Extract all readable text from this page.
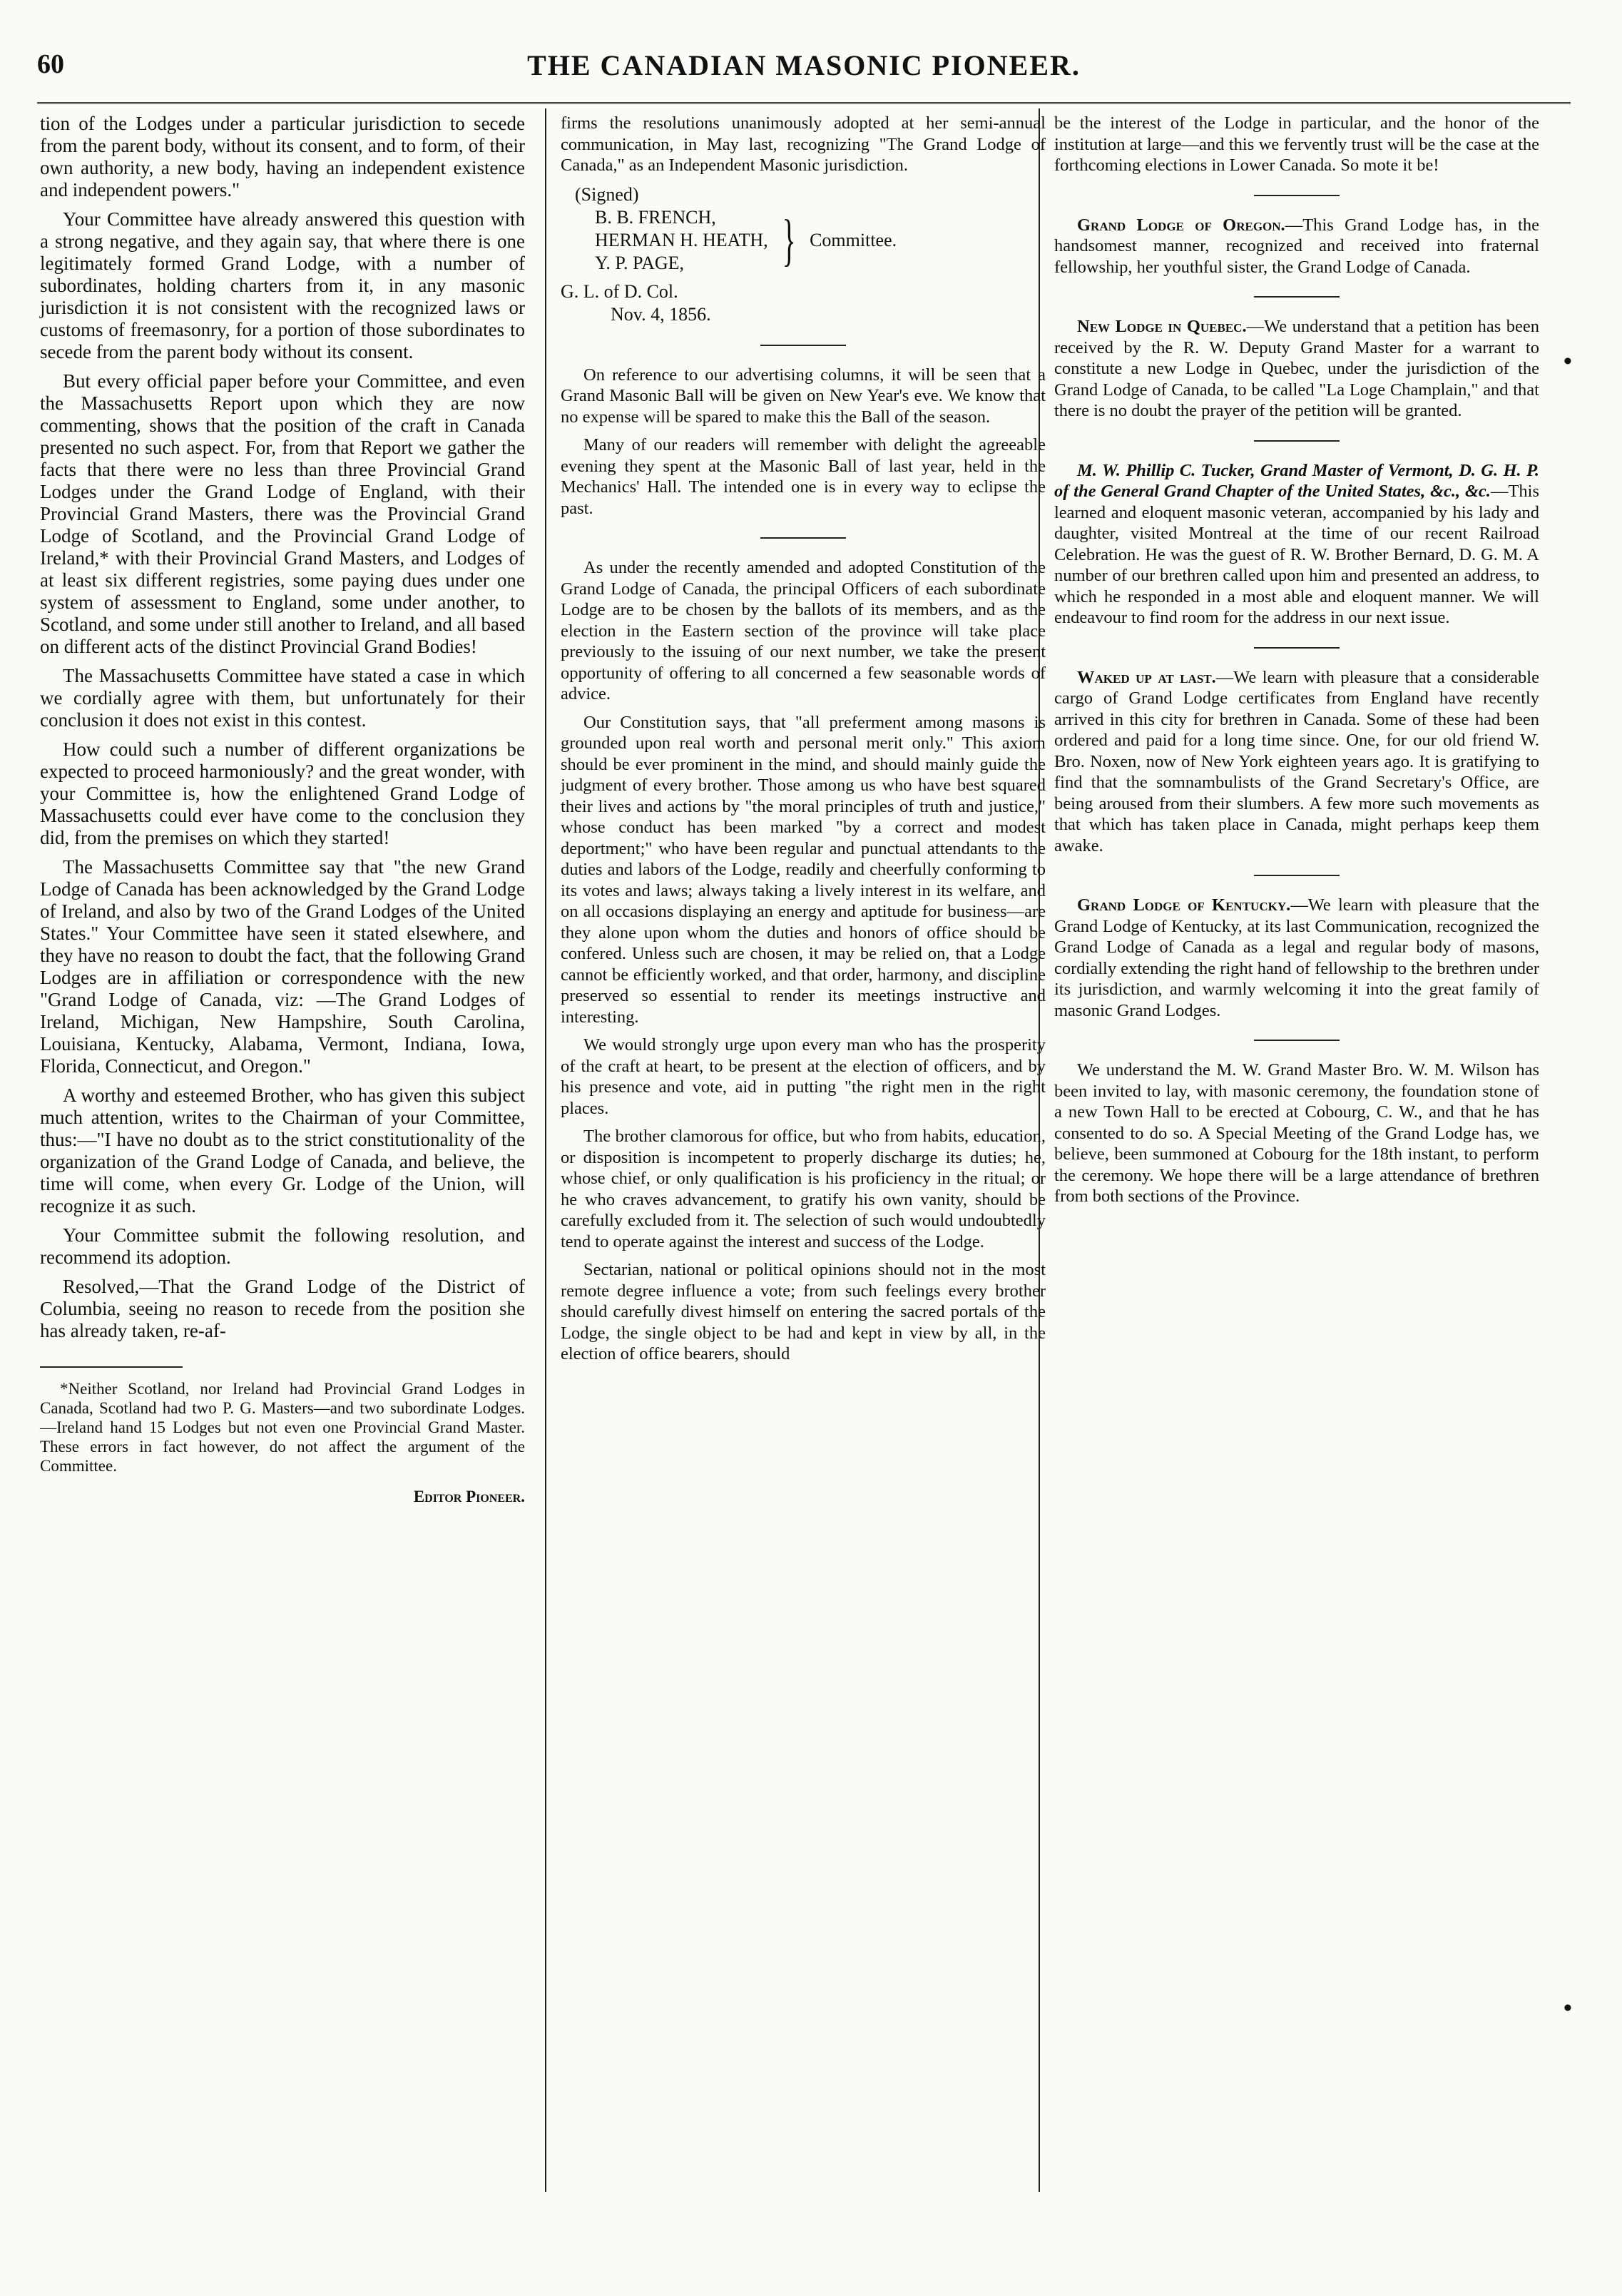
60	THE CANADIAN MASONIC PIONEER.

tion of the Lodges under a particular jurisdiction to secede from the parent body, without its consent, and to form, of their own authority, a new body, having an independent existence and independent powers."

Your Committee have already answered this question with a strong negative, and they again say, that where there is one legitimately formed Grand Lodge, with a number of subordinates, holding charters from it, in any masonic jurisdiction it is not consistent with the recognized laws or customs of freemasonry, for a portion of those subordinates to secede from the parent body without its consent.

But every official paper before your Committee, and even the Massachusetts Report upon which they are now commenting, shows that the position of the craft in Canada presented no such aspect. For, from that Report we gather the facts that there were no less than three Provincial Grand Lodges under the Grand Lodge of England, with their Provincial Grand Masters, there was the Provincial Grand Lodge of Scotland, and the Provincial Grand Lodge of Ireland,* with their Provincial Grand Masters, and Lodges of at least six different registries, some paying dues under one system of assessment to England, some under another, to Scotland, and some under still another to Ireland, and all based on different acts of the distinct Provincial Grand Bodies!

The Massachusetts Committee have stated a case in which we cordially agree with them, but unfortunately for their conclusion it does not exist in this contest.

How could such a number of different organizations be expected to proceed harmoniously? and the great wonder, with your Committee is, how the enlightened Grand Lodge of Massachusetts could ever have come to the conclusion they did, from the premises on which they started!

The Massachusetts Committee say that "the new Grand Lodge of Canada has been acknowledged by the Grand Lodge of Ireland, and also by two of the Grand Lodges of the United States." Your Committee have seen it stated elsewhere, and they have no reason to doubt the fact, that the following Grand Lodges are in affiliation or correspondence with the new "Grand Lodge of Canada, viz: —The Grand Lodges of Ireland, Michigan, New Hampshire, South Carolina, Louisiana, Kentucky, Alabama, Vermont, Indiana, Iowa, Florida, Connecticut, and Oregon."

A worthy and esteemed Brother, who has given this subject much attention, writes to the Chairman of your Committee, thus:—"I have no doubt as to the strict constitutionality of the organization of the Grand Lodge of Canada, and believe, the time will come, when every Gr. Lodge of the Union, will recognize it as such.

Your Committee submit the following resolution, and recommend its adoption.

Resolved,—That the Grand Lodge of the District of Columbia, seeing no reason to recede from the position she has already taken, re-af-

*Neither Scotland, nor Ireland had Provincial Grand Lodges in Canada, Scotland had two P. G. Masters—and two subordinate Lodges.—Ireland hand 15 Lodges but not even one Provincial Grand Master. These errors in fact however, do not affect the argument of the Committee.

Editor Pioneer.

firms the resolutions unanimously adopted at her semi-annual communication, in May last, recognizing "The Grand Lodge of Canada," as an Independent Masonic jurisdiction.

(Signed)
B. B. FRENCH,
HERMAN H. HEATH,
Y. P. PAGE,	} Committee.
G. L. of D. Col.
Nov. 4, 1856.

On reference to our advertising columns, it will be seen that a Grand Masonic Ball will be given on New Year's eve. We know that no expense will be spared to make this the Ball of the season.

Many of our readers will remember with delight the agreeable evening they spent at the Masonic Ball of last year, held in the Mechanics' Hall. The intended one is in every way to eclipse the past.

As under the recently amended and adopted Constitution of the Grand Lodge of Canada, the principal Officers of each subordinate Lodge are to be chosen by the ballots of its members, and as the election in the Eastern section of the province will take place previously to the issuing of our next number, we take the present opportunity of offering to all concerned a few seasonable words of advice.

Our Constitution says, that "all preferment among masons is grounded upon real worth and personal merit only." This axiom should be ever prominent in the mind, and should mainly guide the judgment of every brother. Those among us who have best squared their lives and actions by "the moral principles of truth and justice," whose conduct has been marked "by a correct and modest deportment;" who have been regular and punctual attendants to the duties and labors of the Lodge, readily and cheerfully conforming to its votes and laws; always taking a lively interest in its welfare, and on all occasions displaying an energy and aptitude for business—are they alone upon whom the duties and honors of office should be confered. Unless such are chosen, it may be relied on, that a Lodge cannot be efficiently worked, and that order, harmony, and discipline preserved so essential to render its meetings instructive and interesting.

We would strongly urge upon every man who has the prosperity of the craft at heart, to be present at the election of officers, and by his presence and vote, aid in putting "the right men in the right places.

The brother clamorous for office, but who from habits, education, or disposition is incompetent to properly discharge its duties; he, whose chief, or only qualification is his proficiency in the ritual; or he who craves advancement, to gratify his own vanity, should be carefully excluded from it. The selection of such would undoubtedly tend to operate against the interest and success of the Lodge.

Sectarian, national or political opinions should not in the most remote degree influence a vote; from such feelings every brother should carefully divest himself on entering the sacred portals of the Lodge, the single object to be had and kept in view by all, in the election of office bearers, should

be the interest of the Lodge in particular, and the honor of the institution at large—and this we fervently trust will be the case at the forthcoming elections in Lower Canada. So mote it be!

Grand Lodge of Oregon.—This Grand Lodge has, in the handsomest manner, recognized and received into fraternal fellowship, her youthful sister, the Grand Lodge of Canada.

New Lodge in Quebec.—We understand that a petition has been received by the R. W. Deputy Grand Master for a warrant to constitute a new Lodge in Quebec, under the jurisdiction of the Grand Lodge of Canada, to be called "La Loge Champlain," and that there is no doubt the prayer of the petition will be granted.

M. W. Phillip C. Tucker, Grand Master of Vermont, D. G. H. P. of the General Grand Chapter of the United States, &c., &c.—This learned and eloquent masonic veteran, accompanied by his lady and daughter, visited Montreal at the time of our recent Railroad Celebration. He was the guest of R. W. Brother Bernard, D. G. M. A number of our brethren called upon him and presented an address, to which he responded in a most able and eloquent manner. We will endeavour to find room for the address in our next issue.

Waked up at last.—We learn with pleasure that a considerable cargo of Grand Lodge certificates from England have recently arrived in this city for brethren in Canada. Some of these had been ordered and paid for a long time since. One, for our old friend W. Bro. Noxen, now of New York eighteen years ago. It is gratifying to find that the somnambulists of the Grand Secretary's Office, are being aroused from their slumbers. A few more such movements as that which has taken place in Canada, might perhaps keep them awake.

Grand Lodge of Kentucky.—We learn with pleasure that the Grand Lodge of Kentucky, at its last Communication, recognized the Grand Lodge of Canada as a legal and regular body of masons, cordially extending the right hand of fellowship to the brethren under its jurisdiction, and warmly welcoming it into the great family of masonic Grand Lodges.

We understand the M. W. Grand Master Bro. W. M. Wilson has been invited to lay, with masonic ceremony, the foundation stone of a new Town Hall to be erected at Cobourg, C. W., and that he has consented to do so. A Special Meeting of the Grand Lodge has, we believe, been summoned at Cobourg for the 18th instant, to perform the ceremony. We hope there will be a large attendance of brethren from both sections of the Province.

•
•
